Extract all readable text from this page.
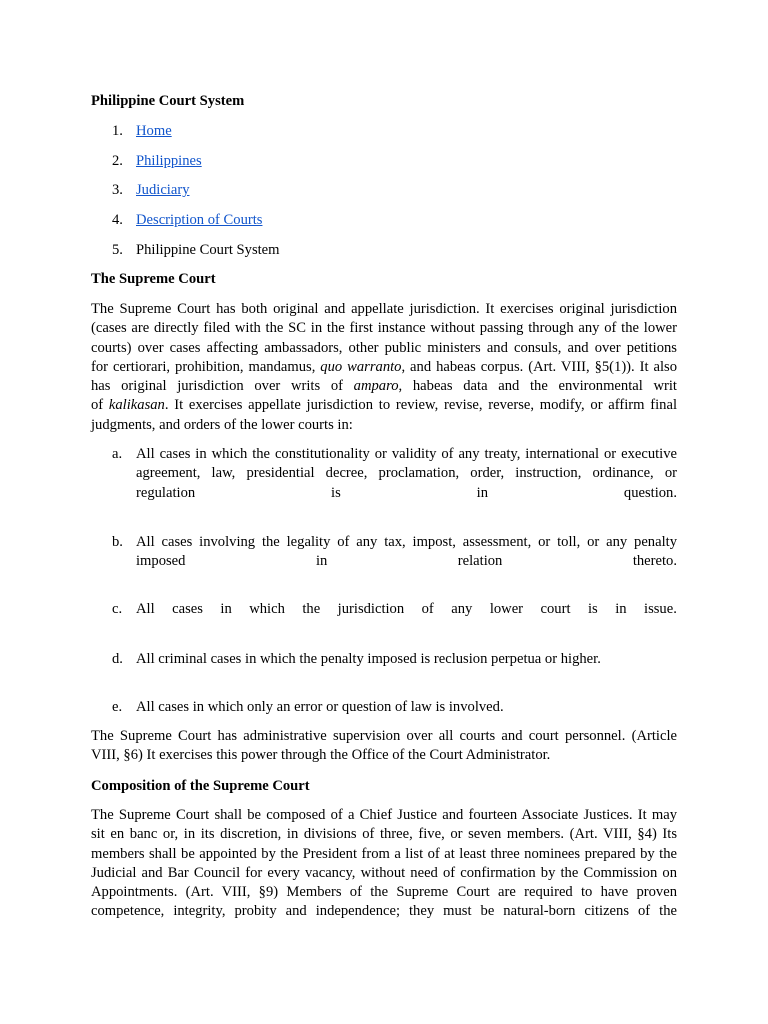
Philippine Court System
1. Home
2. Philippines
3. Judiciary
4. Description of Courts
5. Philippine Court System
The Supreme Court
The Supreme Court has both original and appellate jurisdiction. It exercises original jurisdiction
(cases are directly filed with the SC in the first instance without passing through any of the lower
courts) over cases affecting ambassadors, other public ministers and consuls, and over petitions
for certiorari, prohibition, mandamus, quo warranto, and habeas corpus. (Art. VIII, §5(1)). It also
has original jurisdiction over writs of amparo, habeas data and the environmental writ
of kalikasan. It exercises appellate jurisdiction to review, revise, reverse, modify, or affirm final
judgments, and orders of the lower courts in:
a. All cases in which the constitutionality or validity of any treaty, international or executive
agreement, law, presidential decree, proclamation, order, instruction, ordinance, or
regulation	is	in	question.
b. All cases involving the legality of any tax, impost, assessment, or toll, or any penalty
imposed	in	relation	thereto.
c. All cases in which the jurisdiction of any lower court is in issue.
d. All criminal cases in which the penalty imposed is reclusion perpetua or higher.
e. All cases in which only an error or question of law is involved.
The Supreme Court has administrative supervision over all courts and court personnel. (Article
VIII, §6) It exercises this power through the Office of the Court Administrator.
Composition of the Supreme Court
The Supreme Court shall be composed of a Chief Justice and fourteen Associate Justices. It may
sit en banc or, in its discretion, in divisions of three, five, or seven members. (Art. VIII, §4) Its
members shall be appointed by the President from a list of at least three nominees prepared by the
Judicial and Bar Council for every vacancy, without need of confirmation by the Commission on
Appointments. (Art. VIII, §9) Members of the Supreme Court are required to have proven
competence, integrity, probity and independence; they must be natural-born citizens of the
